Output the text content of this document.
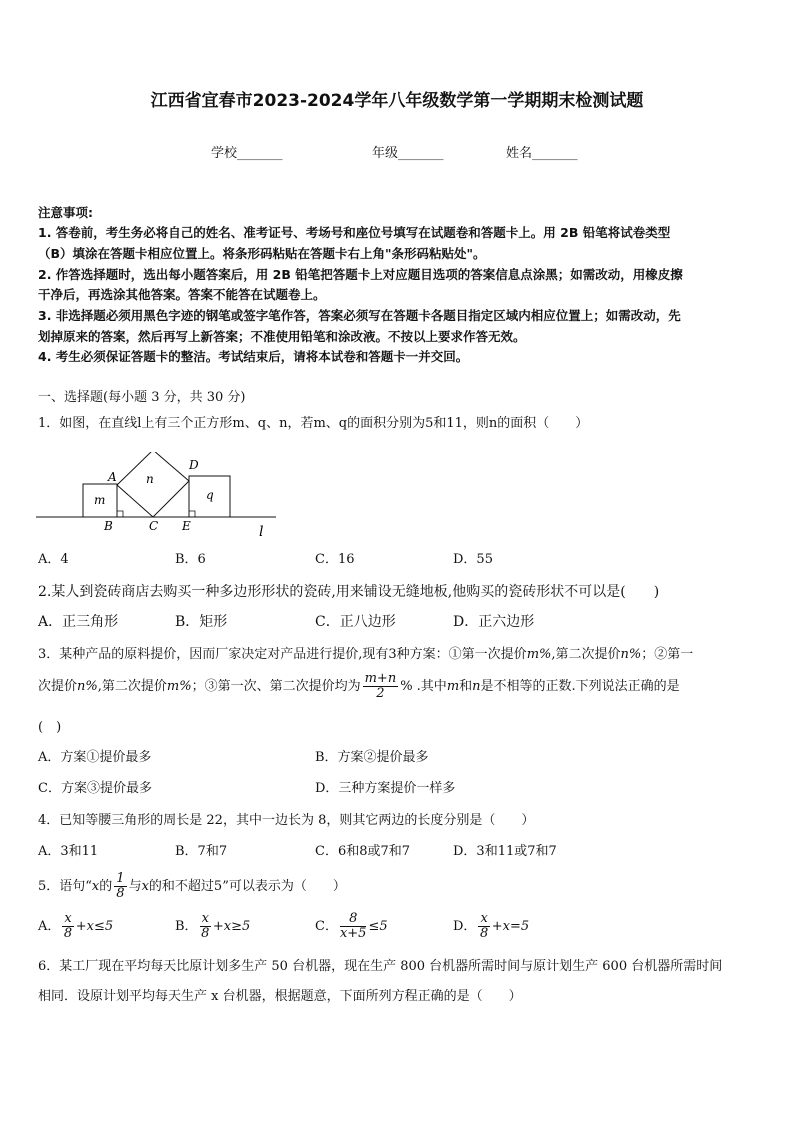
江西省宜春市2023-2024学年八年级数学第一学期期末检测试题
学校_______	年级_______	姓名_______
注意事项:
1. 答卷前，考生务必将自己的姓名、准考证号、考场号和座位号填写在试题卷和答题卡上。用 2B 铅笔将试卷类型
（B）填涂在答题卡相应位置上。将条形码粘贴在答题卡右上角"条形码粘贴处"。
2. 作答选择题时，选出每小题答案后，用 2B 铅笔把答题卡上对应题目选项的答案信息点涂黑；如需改动，用橡皮擦
干净后，再选涂其他答案。答案不能答在试题卷上。
3. 非选择题必须用黑色字迹的钢笔或签字笔作答，答案必须写在答题卡各题目指定区域内相应位置上；如需改动，先
划掉原来的答案，然后再写上新答案；不准使用铅笔和涂改液。不按以上要求作答无效。
4. 考生必须保证答题卡的整洁。考试结束后，请将本试卷和答题卡一并交回。
一、选择题(每小题 3 分，共 30 分)
1．如图，在直线l上有三个正方形m、q、n，若m、q的面积分别为5和11，则n的面积（　　）
m
n
q
A
B	C
D
E	l
A．4	B．6	C．16	D．55
2.某人到瓷砖商店去购买一种多边形形状的瓷砖,用来铺设无缝地板,他购买的瓷砖形状不可以是(　　)
A．正三角形	B．矩形	C．正八边形	D．正六边形
3．某种产品的原料提价，因而厂家决定对产品进行提价,现有3种方案：①第一次提价m%,第二次提价n%；②第一
次提价n%,第二次提价m%；③第一次、第二次提价均为 $\frac{m+n}{2}$ % .其中m和n是不相等的正数.下列说法正确的是
(　)
A．方案①提价最多	B．方案②提价最多
C．方案③提价最多	D．三种方案提价一样多
4．已知等腰三角形的周长是 22，其中一边长为 8，则其它两边的长度分别是（　　）
A．3和11	B．7和7	C．6和8或7和7	D．3和11或7和7
5．语句“x的 $\frac{1}{8}$ 与x的和不超过5”可以表示为（　　）
A． $\frac{x}{8} +x\le 5$	B． $\frac{x}{8} +x\ge 5$	C． $\frac{8}{x+5} \le 5$	D． $\frac{x}{8} +x=5$
6．某工厂现在平均每天比原计划多生产 50 台机器，现在生产 800 台机器所需时间与原计划生产 600 台机器所需时间
相同．设原计划平均每天生产 x 台机器，根据题意，下面所列方程正确的是（　　）
